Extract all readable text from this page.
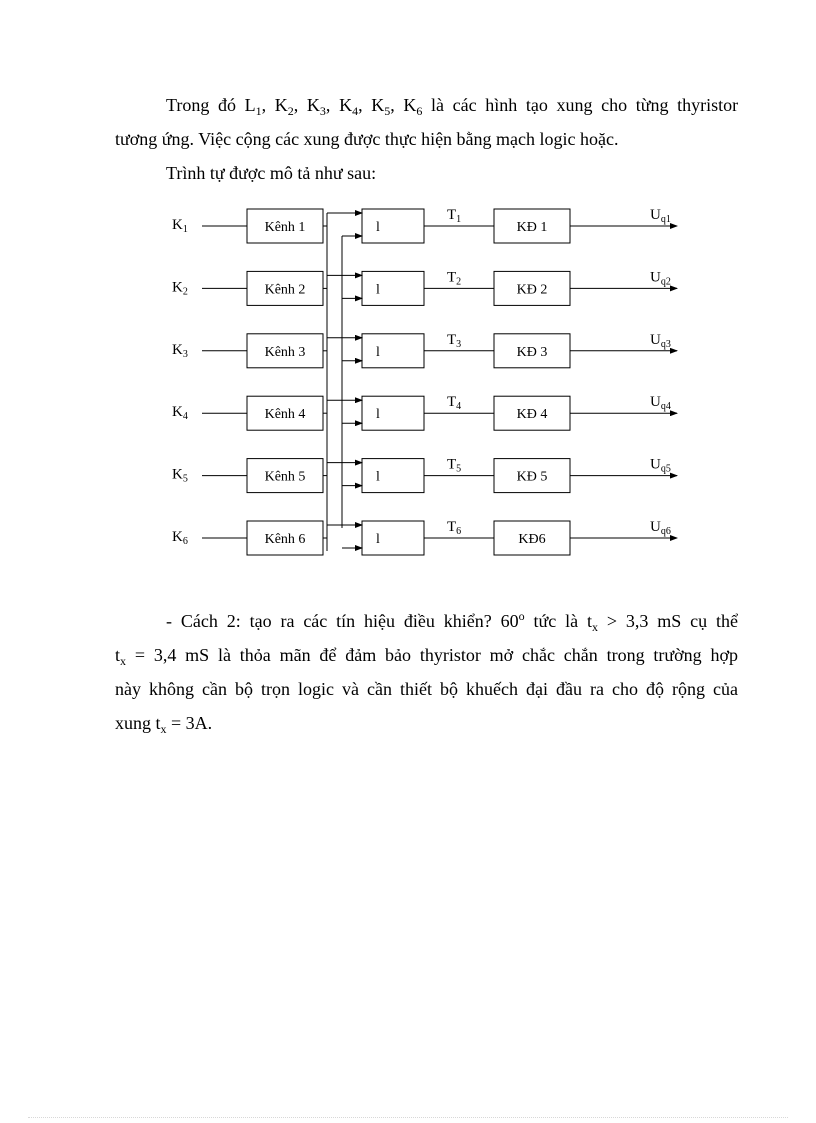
Trong đó $L_1$, $K_2$, $K_3$, $K_4$, $K_5$, $K_6$ là các hình tạo xung cho từng thyristor
tương ứng. Việc cộng các xung được thực hiện bằng mạch logic hoặc.
Trình tự được mô tả như sau:
$K_1$	Kênh 1	l
$T_1$
KĐ 1
$U_{q1}$
$K_2$	Kênh 2	l
$T_2$
KĐ 2
$U_{q2}$
$K_3$	Kênh 3	l
$T_3$
KĐ 3
$U_{q3}$
$K_4$	Kênh 4	l
$T_4$
KĐ 4
$U_{q4}$
$K_5$	Kênh 5	l
$T_5$
KĐ 5
$U_{q5}$
$K_6$	Kênh 6	l
$T_6$
KĐ6
$U_{q6}$
- Cách 2: tạo ra các tín hiệu điều khiển? 60$^o$ tức là $t_x > 3,3$ mS cụ thể
$t_x = 3,4$ mS là thỏa mãn để đảm bảo thyristor mở chắc chắn trong trường hợp
này không cần bộ trọn logic và cần thiết bộ khuếch đại đầu ra cho độ rộng của
xung $t_x = 3A$.
